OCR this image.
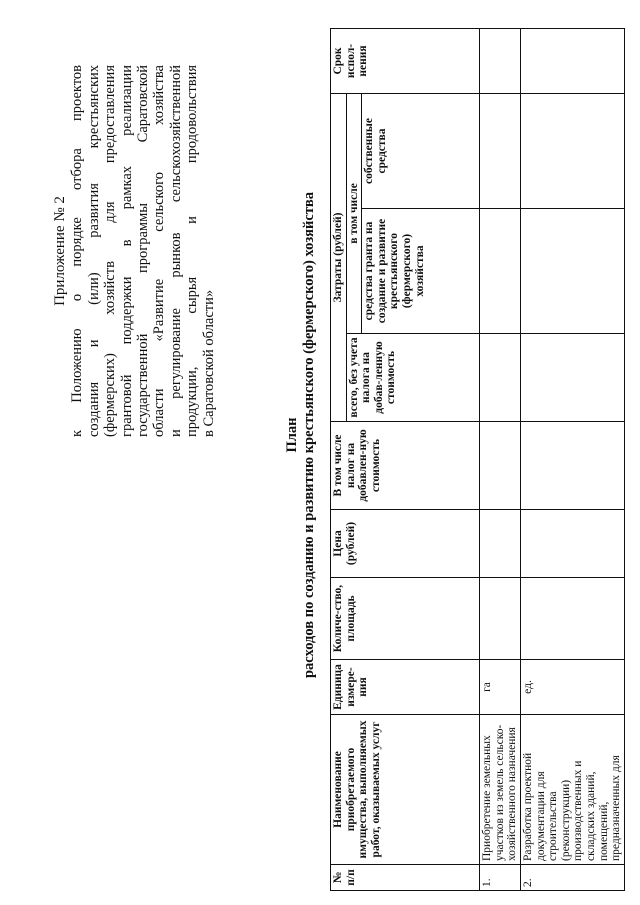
Приложение № 2 к Положению о порядке отбора проектов создания и (или) развития крестьянских (фермерских) хозяйств для предоставления грантовой поддержки в рамках реализации государственной программы Саратовской области «Развитие сельского хозяйства и регулирование рынков сельскохозяйственной продукции, сырья и продовольствия в Саратовской области»	План расходов по созданию и развитию крестьянского (фермерского) хозяйства
№ п/п	Наименование приобретаемого имущества, выполняемых работ, оказываемых услуг	Единица измере-ния	Количе-ство, площадь	Цена (рублей)	В том числе налог на добавлен-ную стоимость	Затраты (рублей)			Срок испол-нения
						всего, без учета налога на добав-ленную стоимость	в том числе		
							средства гранта на создание и развитие крестьянского (фермерского) хозяйства	собственные средства	
1.	Приобретение земельных участков из земель сельско-хозяйственного назначения	га							
2.	Разработка проектной документации для строительства (реконструкции) производственных и складских зданий, помещений, предназначенных для	ед.							
